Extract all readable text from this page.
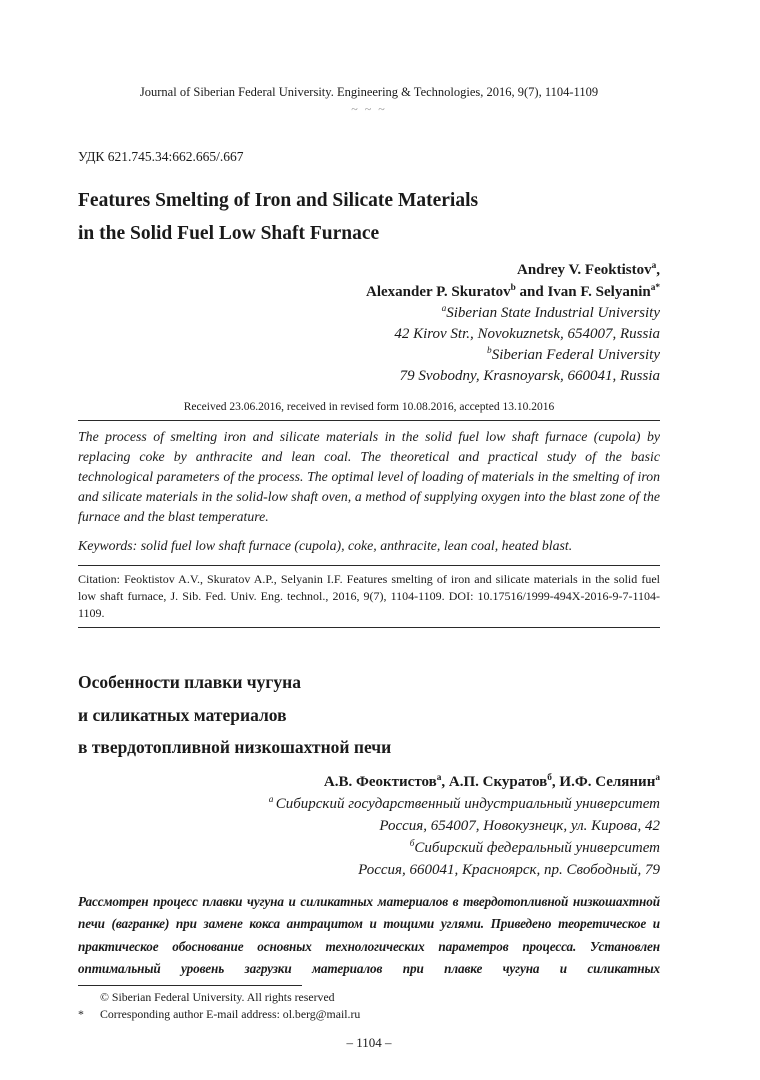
Journal of Siberian Federal University. Engineering & Technologies, 2016, 9(7), 1104-1109
~ ~ ~
УДК 621.745.34:662.665/.667
Features Smelting of Iron and Silicate Materials
in the Solid Fuel Low Shaft Furnace
Andrey V. Feoktistov$^a$,
Alexander P. Skuratov$^b$ and Ivan F. Selyanin$^{a*}$
$^a$Siberian State Industrial University
42 Kirov Str., Novokuznetsk, 654007, Russia
$^b$Siberian Federal University
79 Svobodny, Krasnoyarsk, 660041, Russia
Received 23.06.2016, received in revised form 10.08.2016, accepted 13.10.2016
The process of smelting iron and silicate materials in the solid fuel low shaft furnace (cupola) by replacing coke by anthracite and lean coal. The theoretical and practical study of the basic technological parameters of the process. The optimal level of loading of materials in the smelting of iron and silicate materials in the solid-low shaft oven, a method of supplying oxygen into the blast zone of the furnace and the blast temperature.
Keywords: solid fuel low shaft furnace (cupola), coke, anthracite, lean coal, heated blast.
Citation: Feoktistov A.V., Skuratov A.P., Selyanin I.F. Features smelting of iron and silicate materials in the solid fuel low shaft furnace, J. Sib. Fed. Univ. Eng. technol., 2016, 9(7), 1104-1109. DOI: 10.17516/1999-494X-2016-9-7-1104-1109.
Особенности плавки чугуна
и силикатных материалов
в твердотопливной низкошахтной печи
А.В. Феоктистов$^а$, А.П. Скуратов$^б$, И.Ф. Селянин$^а$
$^а$ Сибирский государственный индустриальный университет
Россия, 654007, Новокузнецк, ул. Кирова, 42
$^б$Сибирский федеральный университет
Россия, 660041, Красноярск, пр. Свободный, 79
Рассмотрен процесс плавки чугуна и силикатных материалов в твердотопливной низкошахтной печи (вагранке) при замене кокса антрацитом и тощими углями. Приведено теоретическое и практическое обоснование основных технологических параметров процесса. Установлен оптимальный уровень загрузки материалов при плавке чугуна и силикатных
© Siberian Federal University. All rights reserved
*	Corresponding author E-mail address: ol.berg@mail.ru
– 1104 –
